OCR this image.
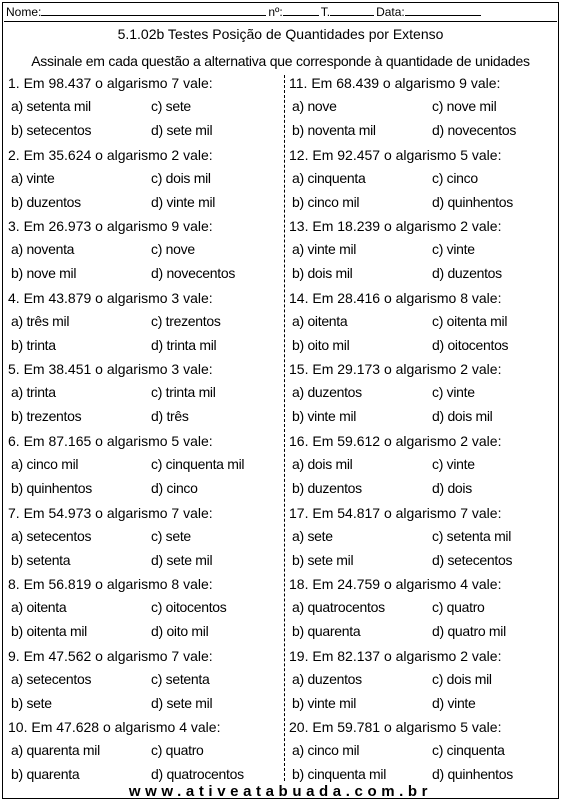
Nome:	nº:	T.	Data:
5.1.02b Testes Posição de Quantidades por Extenso
Assinale em cada questão a alternativa que corresponde à quantidade de unidades
1. Em 98.437 o algarismo 7 vale:
a) setenta mil	c) sete
b) setecentos	d) sete mil
2. Em 35.624 o algarismo 2 vale:
a) vinte	c) dois mil
b) duzentos	d) vinte mil
3. Em 26.973 o algarismo 9 vale:
a) noventa	c) nove
b) nove mil	d) novecentos
4. Em 43.879 o algarismo 3 vale:
a) três mil	c) trezentos
b) trinta	d) trinta mil
5. Em 38.451 o algarismo 3 vale:
a) trinta	c) trinta mil
b) trezentos	d) três
6. Em 87.165 o algarismo 5 vale:
a) cinco mil	c) cinquenta mil
b) quinhentos	d) cinco
7. Em 54.973 o algarismo 7 vale:
a) setecentos	c) sete
b) setenta	d) sete mil
8. Em 56.819 o algarismo 8 vale:
a) oitenta	c) oitocentos
b) oitenta mil	d) oito mil
9. Em 47.562 o algarismo 7 vale:
a) setecentos	c) setenta
b) sete	d) sete mil
10. Em 47.628 o algarismo 4 vale:
a) quarenta mil	c) quatro
b) quarenta	d) quatrocentos
11. Em 68.439 o algarismo 9 vale:
a) nove	c) nove mil
b) noventa mil	d) novecentos
12. Em 92.457 o algarismo 5 vale:
a) cinquenta	c) cinco
b) cinco mil	d) quinhentos
13. Em 18.239 o algarismo 2 vale:
a) vinte mil	c) vinte
b) dois mil	d) duzentos
14. Em 28.416 o algarismo 8 vale:
a) oitenta	c) oitenta mil
b) oito mil	d) oitocentos
15. Em 29.173 o algarismo 2 vale:
a) duzentos	c) vinte
b) vinte mil	d) dois mil
16. Em 59.612 o algarismo 2 vale:
a) dois mil	c) vinte
b) duzentos	d) dois
17. Em 54.817 o algarismo 7 vale:
a) sete	c) setenta mil
b) sete mil	d) setecentos
18. Em 24.759 o algarismo 4 vale:
a) quatrocentos	c) quatro
b) quarenta	d) quatro mil
19. Em 82.137 o algarismo 2 vale:
a) duzentos	c) dois mil
b) vinte mil	d) vinte
20. Em 59.781 o algarismo 5 vale:
a) cinco mil	c) cinquenta
b) cinquenta mil	d) quinhentos
www.ativeatabuada.com.br
